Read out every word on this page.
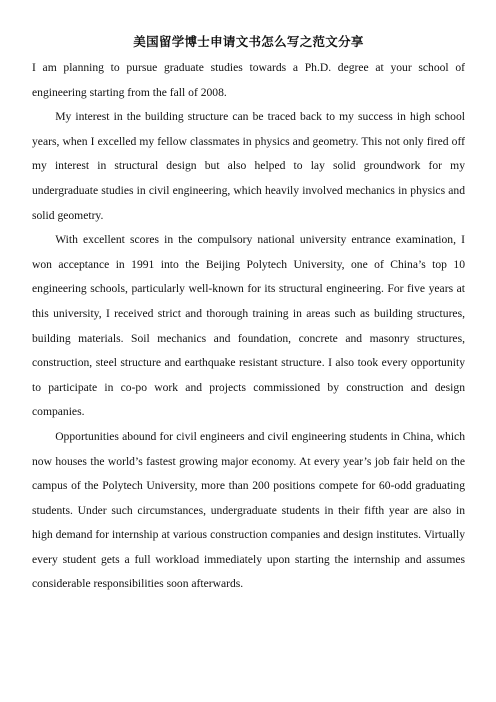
美国留学博士申请文书怎么写之范文分享

I am planning to pursue graduate studies towards a Ph.D. degree at your school of engineering starting from the fall of 2008.

My interest in the building structure can be traced back to my success in high school years, when I excelled my fellow classmates in physics and geometry. This not only fired off my interest in structural design but also helped to lay solid groundwork for my undergraduate studies in civil engineering, which heavily involved mechanics in physics and solid geometry.

With excellent scores in the compulsory national university entrance examination, I won acceptance in 1991 into the Beijing Polytech University, one of China’s top 10 engineering schools, particularly well-known for its structural engineering. For five years at this university, I received strict and thorough training in areas such as building structures, building materials. Soil mechanics and foundation, concrete and masonry structures, construction, steel structure and earthquake resistant structure. I also took every opportunity to participate in co-po work and projects commissioned by construction and design companies.

Opportunities abound for civil engineers and civil engineering students in China, which now houses the world’s fastest growing major economy. At every year’s job fair held on the campus of the Polytech University, more than 200 positions compete for 60-odd graduating students. Under such circumstances, undergraduate students in their fifth year are also in high demand for internship at various construction companies and design institutes. Virtually every student gets a full workload immediately upon starting the internship and assumes considerable responsibilities soon afterwards.
